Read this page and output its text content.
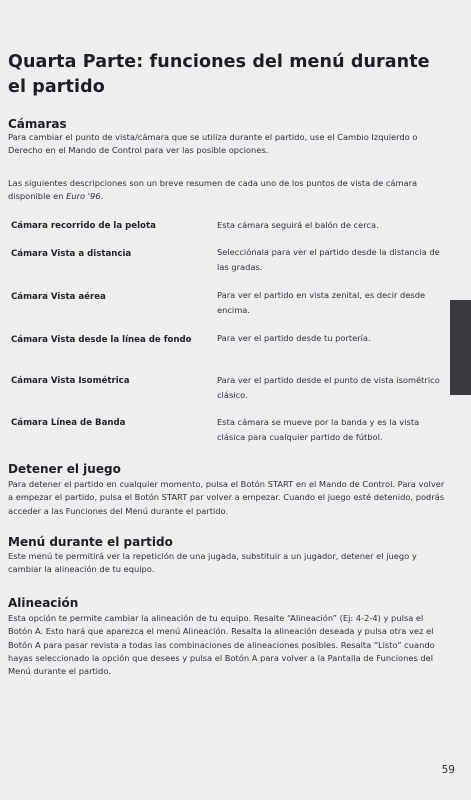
Quarta Parte: funciones del menú durante el partido
Cámaras
Para cambiar el punto de vista/cámara que se utiliza durante el partido, use el Cambio Izquierdo o Derecho en el Mando de Control para ver las posible opciones.
Las siguientes descripciones son un breve resumen de cada uno de los puntos de vista de cámara disponible en Euro '96.
Cámara recorrido de la pelota	Esta cámara seguirá el balón de cerca.
Cámara Vista a distancia	Selecciónala para ver el partido desde la distancia de las gradas.
Cámara Vista aérea	Para ver el partido en vista zenital, es decir desde encima.
Cámara Vista desde la línea de fondo	Para ver el partido desde tu portería.
Cámara Vista Isométrica	Para ver el partido desde el punto de vista isométrico clásico.
Cámara Línea de Banda	Esta cámara se mueve por la banda y es la vista clásica para cualquier partido de fútbol.
Detener el juego
Para detener el partido en cualquier momento, pulsa el Botón START en el Mando de Control. Para volver a empezar el partido, pulsa el Botón START par volver a empezar. Cuando el juego esté detenido, podrás acceder a las Funciones del Menú durante el partido.
Menú durante el partido
Este menú te permitirá ver la repetición de una jugada, substituir a un jugador, detener el juego y cambiar la alineación de tu equipo.
Alineación
Esta opción te permite cambiar la alineación de tu equipo. Resalte “Alineación” (Ej: 4-2-4) y pulsa el Botón A. Esto hará que aparezca el menú Alineación. Resalta la alineación deseada y pulsa otra vez el Botón A para pasar revista a todas las combinaciones de alineaciones posibles. Resalta “Listo” cuando hayas seleccionado la opción que desees y pulsa el Botón A para volver a la Pantalla de Funciones del Menú durante el partido.
59
